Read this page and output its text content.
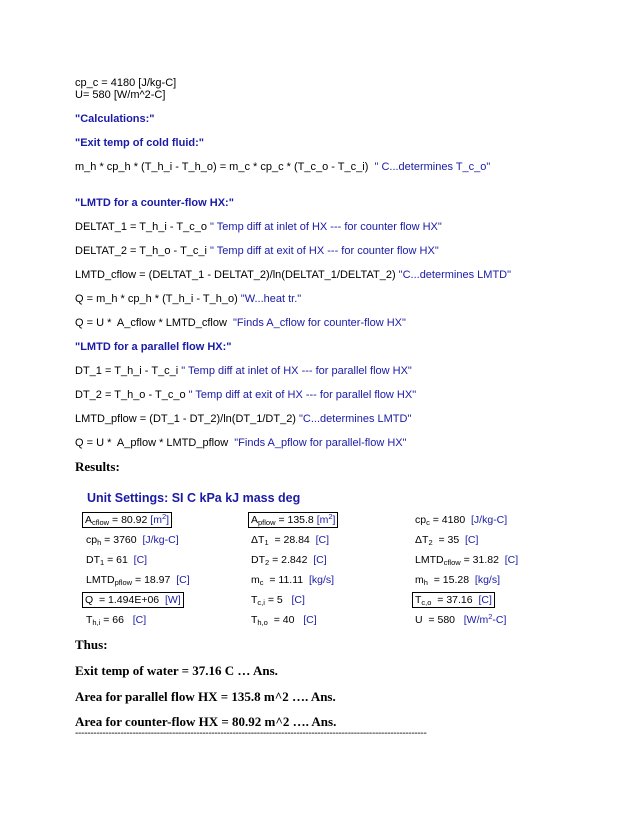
cp_c = 4180 [J/kg-C]
U= 580 [W/m^2-C]
"Calculations:"
"Exit temp of cold fluid:"
m_h * cp_h * (T_h_i - T_h_o) = m_c * cp_c * (T_c_o - T_c_i)  " C...determines T_c_o"
"LMTD for a counter-flow HX:"
DELTAT_1 = T_h_i - T_c_o " Temp diff at inlet of HX --- for counter flow HX"
DELTAT_2 = T_h_o - T_c_i " Temp diff at exit of HX --- for counter flow HX"
LMTD_cflow = (DELTAT_1 - DELTAT_2)/ln(DELTAT_1/DELTAT_2) "C...determines LMTD"
Q = m_h * cp_h * (T_h_i - T_h_o) "W...heat tr."
Q = U *  A_cflow * LMTD_cflow  "Finds A_cflow for counter-flow HX"
"LMTD for a parallel flow HX:"
DT_1 = T_h_i - T_c_i " Temp diff at inlet of HX --- for parallel flow HX"
DT_2 = T_h_o - T_c_o " Temp diff at exit of HX --- for parallel flow HX"
LMTD_pflow = (DT_1 - DT_2)/ln(DT_1/DT_2) "C...determines LMTD"
Q = U *  A_pflow * LMTD_pflow  "Finds A_pflow for parallel-flow HX"
Results:
Unit Settings: SI C kPa kJ mass deg
$A_{cflow} = 80.92$ $[m^2]$	$A_{pflow} = 135.8$ $[m^2]$	$cp_c = 4180$  [J/kg-C]
$cp_h = 3760$  [J/kg-C]	$\Delta T_1 = 28.84$  [C]	$\Delta T_2 = 35$  [C]
$DT_1 = 61$  [C]	$DT_2 = 2.842$  [C]	$LMTD_{cflow} = 31.82$  [C]
$LMTD_{pflow} = 18.97$  [C]	$m_c = 11.11$  [kg/s]	$m_h = 15.28$  [kg/s]
Q  = 1.494E+06  [W]	$T_{c,i} = 5$   [C]	$T_{c,o} = 37.16$  [C]
$T_{h,i} = 66$   [C]	$T_{h,o} = 40$   [C]	U  = 580   $[W/m^2-C]$
Thus:
Exit temp of water = 37.16 C … Ans.
Area for parallel flow HX = 135.8 m^2 …. Ans.
Area for counter-flow HX = 80.92 m^2 …. Ans.
--------------------------------------------------------------------------------------------------------------------
